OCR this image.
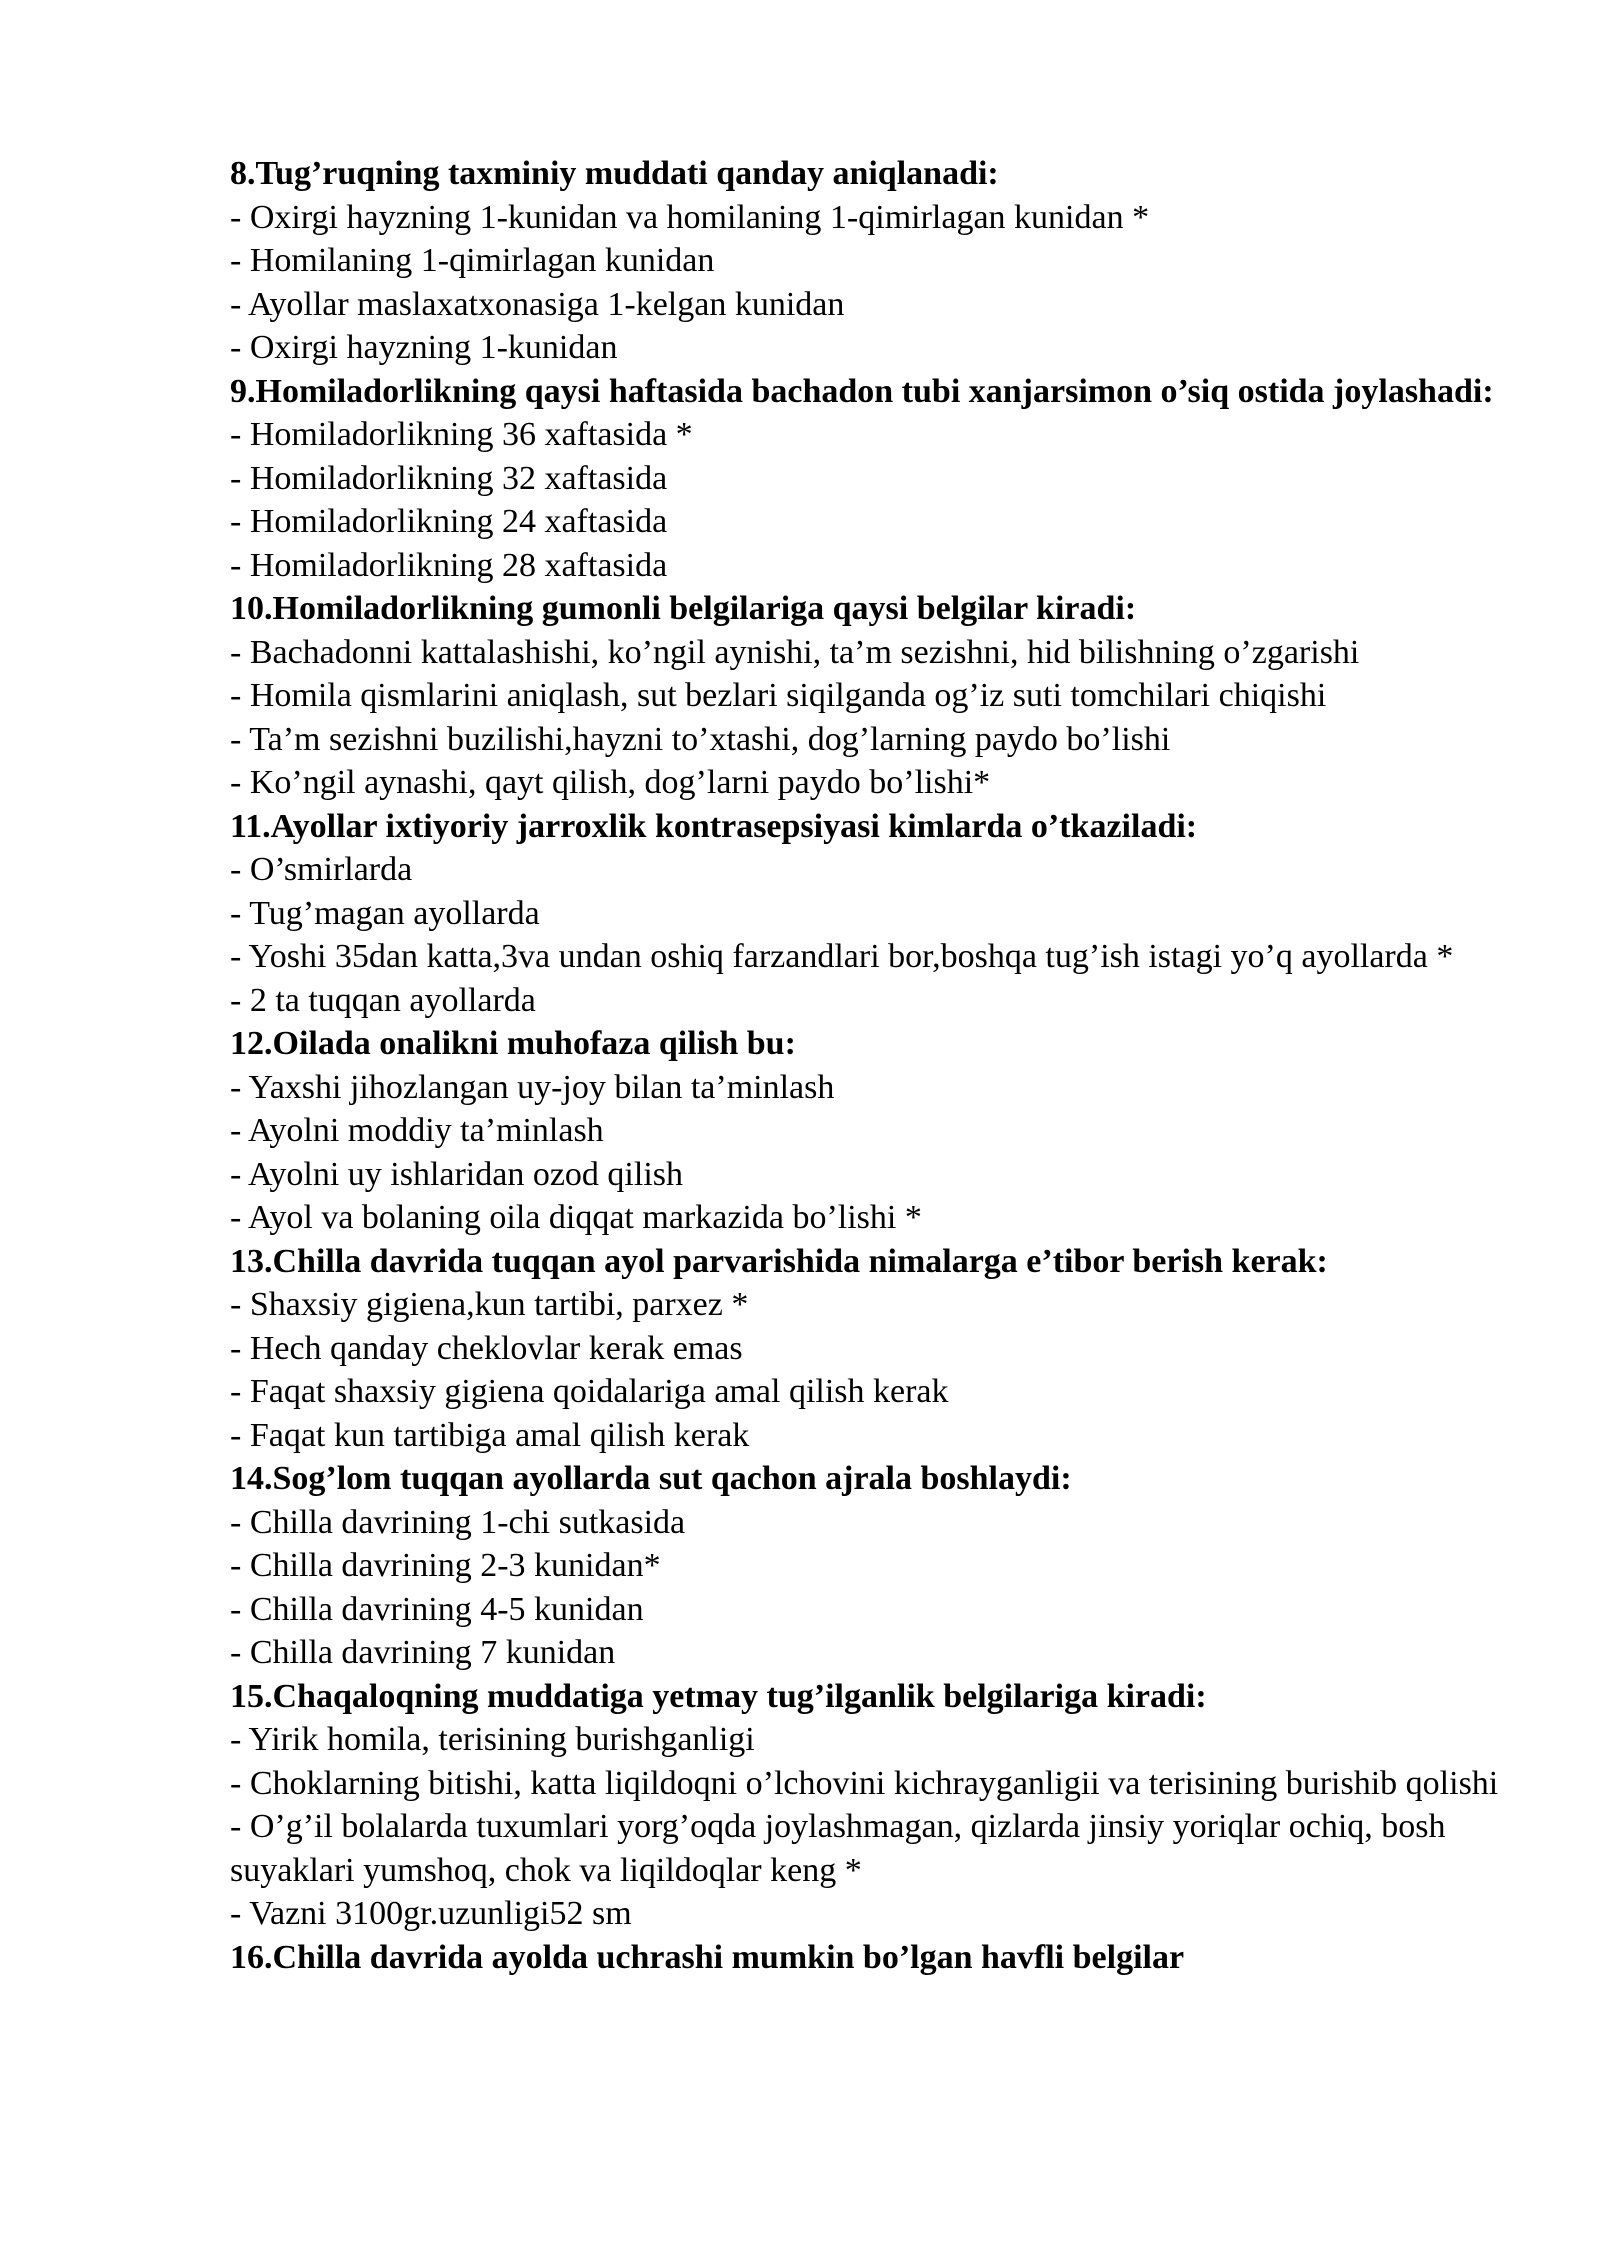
8.Tug’ruqning taxminiy muddati qanday aniqlanadi:
- Oxirgi hayzning 1-kunidan va homilaning 1-qimirlagan kunidan *
- Homilaning 1-qimirlagan kunidan
- Ayollar maslaxatxonasiga 1-kelgan kunidan
- Oxirgi hayzning 1-kunidan
9.Homiladorlikning qaysi haftasida bachadon tubi xanjarsimon o’siq ostida joylashadi:
- Homiladorlikning 36 xaftasida *
- Homiladorlikning 32 xaftasida
- Homiladorlikning 24 xaftasida
- Homiladorlikning 28 xaftasida
10.Homiladorlikning gumonli belgilariga qaysi belgilar kiradi:
- Bachadonni kattalashishi, ko’ngil aynishi, ta’m sezishni, hid bilishning o’zgarishi
- Homila qismlarini aniqlash, sut bezlari siqilganda og’iz suti tomchilari chiqishi
- Ta’m sezishni buzilishi,hayzni to’xtashi, dog’larning paydo bo’lishi
- Ko’ngil aynashi, qayt qilish, dog’larni paydo bo’lishi*
11.Ayollar ixtiyoriy jarroxlik kontrasepsiyasi kimlarda o’tkaziladi:
- O’smirlarda
- Tug’magan ayollarda
- Yoshi 35dan katta,3va undan oshiq farzandlari bor,boshqa tug’ish istagi yo’q ayollarda *
- 2 ta tuqqan ayollarda
12.Oilada onalikni muhofaza qilish bu:
- Yaxshi jihozlangan uy-joy bilan ta’minlash
- Ayolni moddiy ta’minlash
- Ayolni uy ishlaridan ozod qilish
- Ayol va bolaning oila diqqat markazida bo’lishi *
13.Chilla davrida tuqqan ayol parvarishida nimalarga e’tibor berish kerak:
- Shaxsiy gigiena,kun tartibi, parxez *
- Hech qanday cheklovlar kerak emas
- Faqat shaxsiy gigiena qoidalariga amal qilish kerak
- Faqat kun tartibiga amal qilish kerak
14.Sog’lom tuqqan ayollarda sut qachon ajrala boshlaydi:
- Chilla davrining 1-chi sutkasida
- Chilla davrining 2-3 kunidan*
- Chilla davrining 4-5 kunidan
- Chilla davrining 7 kunidan
15.Chaqaloqning muddatiga yetmay tug’ilganlik belgilariga kiradi:
- Yirik homila, terisining burishganligi
- Choklarning bitishi, katta liqildoqni o’lchovini kichrayganligii va terisining burishib qolishi
- O’g’il bolalarda tuxumlari yorg’oqda joylashmagan, qizlarda jinsiy yoriqlar ochiq, bosh suyaklari yumshoq, chok va liqildoqlar keng *
- Vazni 3100gr.uzunligi52 sm
16.Chilla davrida ayolda uchrashi mumkin bo’lgan havfli belgilar
